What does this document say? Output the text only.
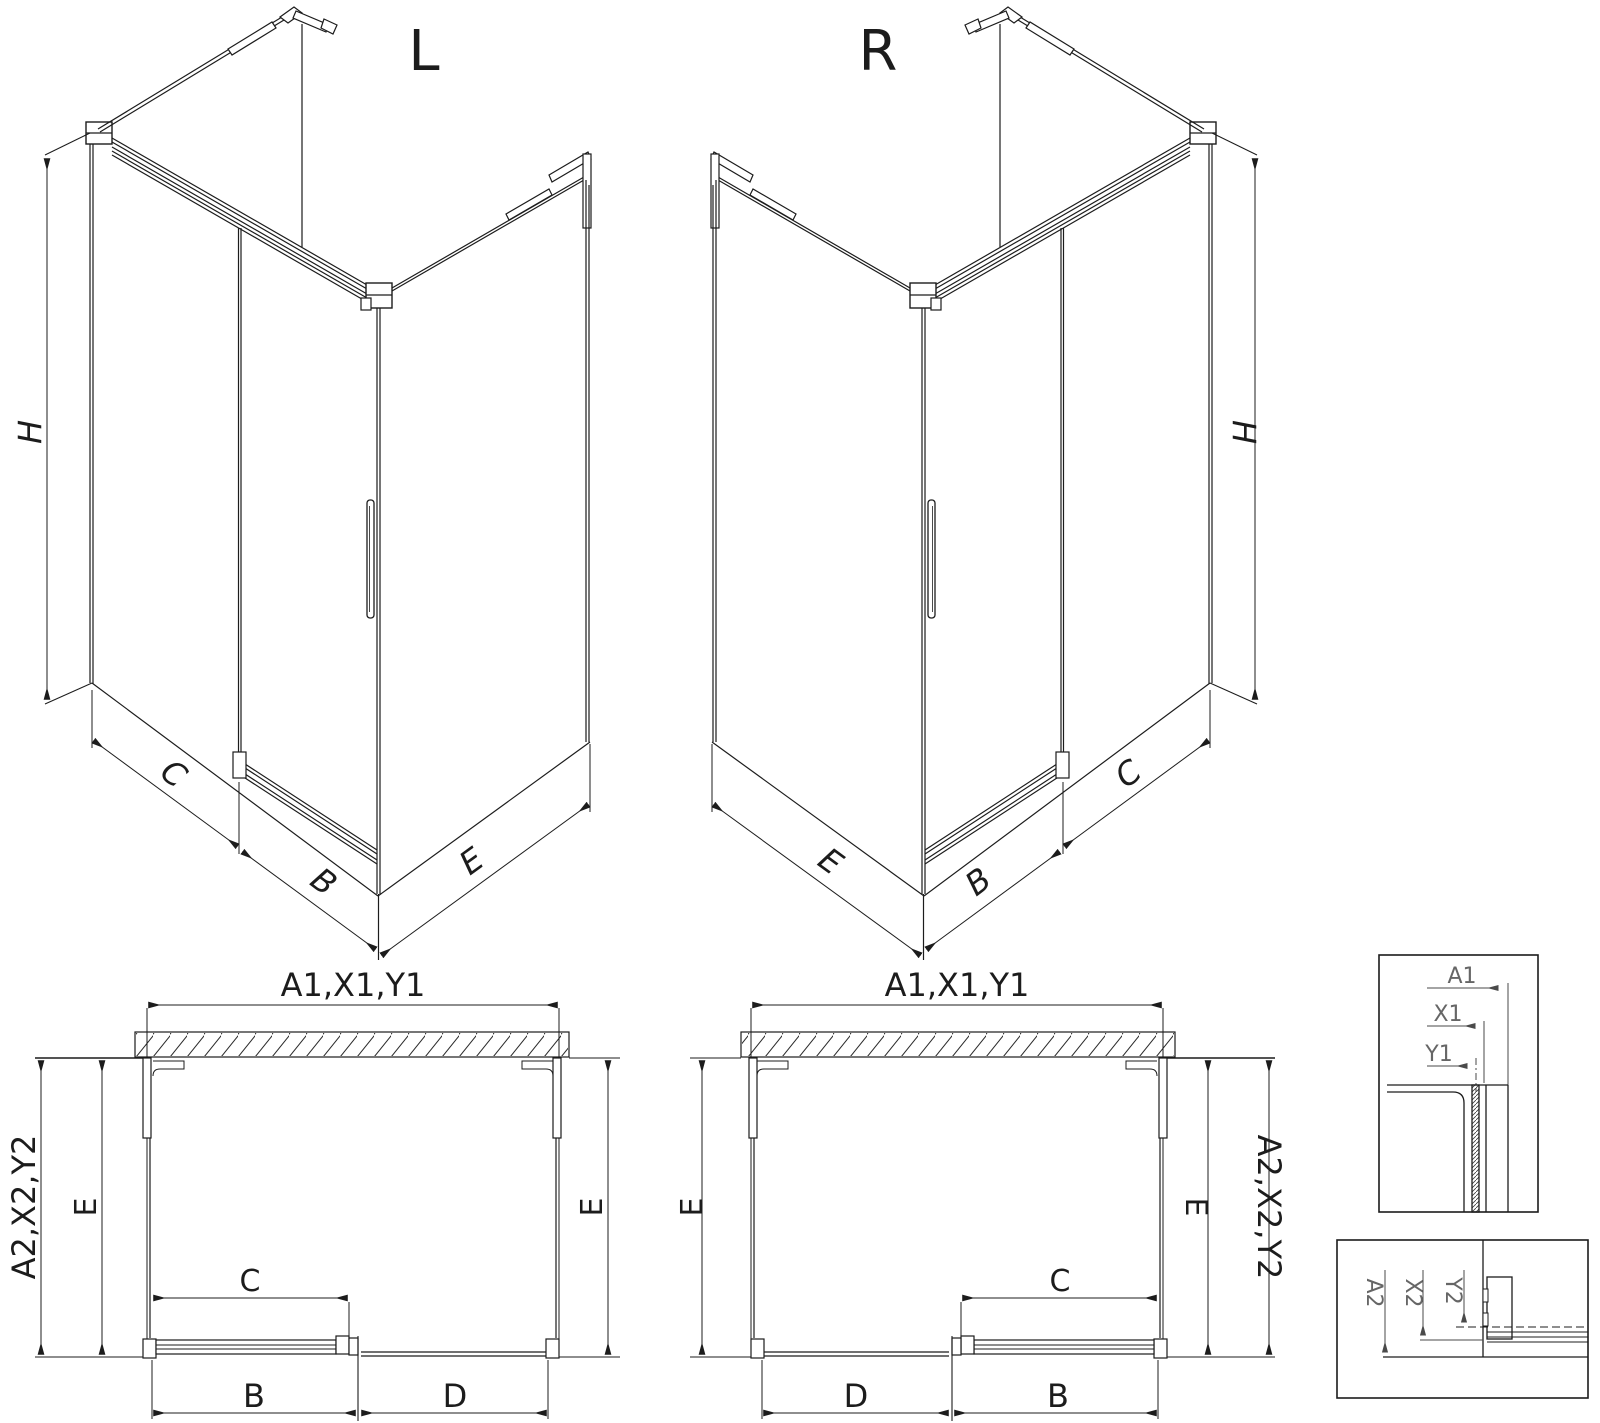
L
H
C
B	E
R
H
E	B
C
A1,X1,Y1
A2,X2,Y2 E	E
C
B	D
A1,X1,Y1
E	E A2,X2,Y2
C
D	B
A1
X1
Y1
A2 X2 Y2
